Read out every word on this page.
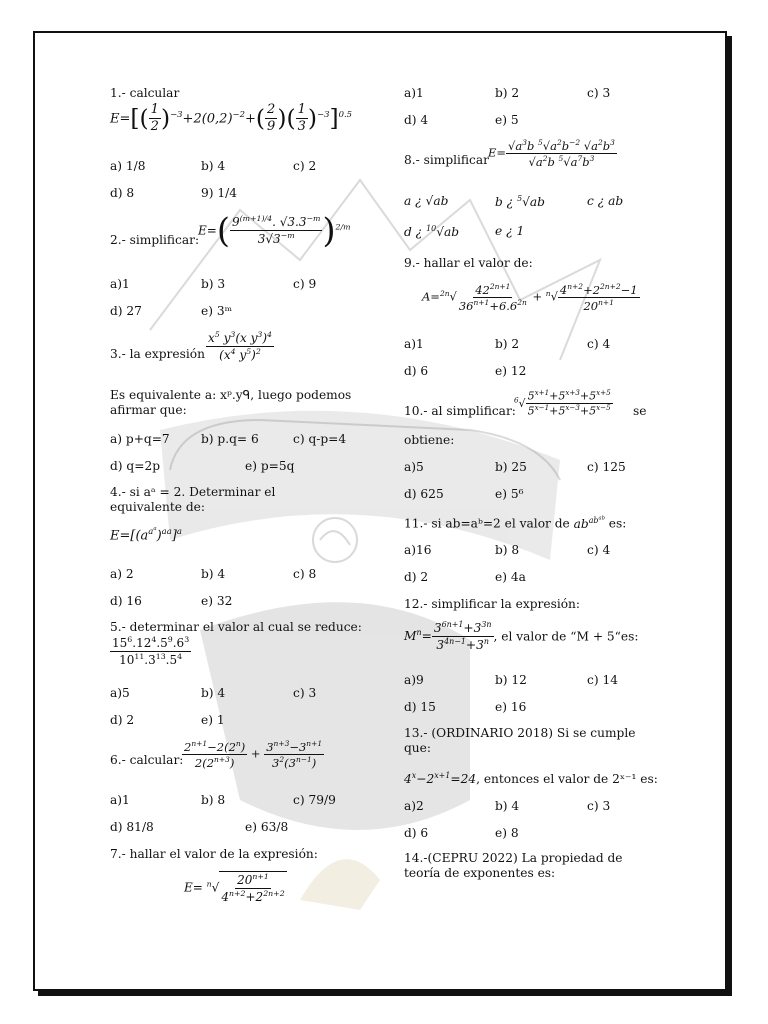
1.- calcular
$E=[( \frac{1}{2} )^{-3}+2(0,2)^{-2}+( \frac{2}{9}$ )( $\frac{1}{3} )^{-3}]^{0.5}$
a) 1/8	b) 4	c) 2
d) 8	9) 1/4
2.- simplificar:
$E=( \frac{9^{(m+1)/4}. √3.3^{-m}}{3√3^{-m}} )^{2/m}$
a)1	b) 3	c) 9
d) 27	e) 3ᵐ
3.- la expresión $\frac{x^5 y^3(x y^3)^4}{(x^4 y^5)^2}$
Es equivalente a: xᵖ.yᑫ, luego podemos afirmar que:
a) p+q=7	b) p.q= 6	c) q-p=4
d) q=2p	e) p=5q
4.- si aᵃ = 2. Determinar el equivalente de:
$E=[(a^{a^a})^{aa}]^a$
a) 2	b) 4	c) 8
d) 16	e) 32
5.- determinar el valor al cual se reduce:
$\frac{15^6.12^4.5^9.6^3}{10^{11}.3^{13}.5^4}$
a)5	b) 4	c) 3
d) 2	e) 1
6.- calcular:
$\frac{2^{n+1}-2(2^n)}{2(2^{n+3})} + \frac{3^{n+3}-3^{n+1}}{3^2(3^{n-1})}$
a)1	b) 8	c) 79/9
d) 81/8	e) 63/8
7.- hallar el valor de la expresión:
$E= ^n√ \frac{20^{n+1}}{4^{n+2}+2^{2n+2}}$
a)1	b) 2	c) 3
d) 4	e) 5
8.- simplificar
$E= \frac{√a^3b ^5√a^2b^{-2} √a^2b^3}{√a^2b ^5√a^7b^3}$
a ¿ √ab	b ¿ $^5$√ab	c ¿ ab
d ¿ $^{10}$√ab	e ¿ 1
9.- hallar el valor de:
$A=^{2n}√ \frac{42^{2n+1}}{36^{n+1}+6.6^{2n}} + ^n√ \frac{4^{n+2}+2^{2n+2}-1}{20^{n+1}}$
a)1	b) 2	c) 4
d) 6	e) 12
10.- al simplificar:
$^6√ \frac{5^{x+1}+5^{x+3}+5^{x+5}}{5^{x-1}+5^{x-3}+5^{x-5}}$ se
obtiene:
a)5	b) 25	c) 125
d) 625	e) 5⁶
11.- si ab=aᵇ=2 el valor de $ab^{ab^{ab}}$ es:
a)16	b) 8	c) 4
d) 2	e) 4a
12.- simplificar la expresión:
$M^n= \frac{3^{6n+1}+3^{3n}}{3^{4n-1}+3^n}$ , el valor de “M + 5“es:
a)9	b) 12	c) 14
d) 15	e) 16
13.- (ORDINARIO 2018) Si se cumple que:
$4^x-2^{x+1}=24$, entonces el valor de 2ˣ⁻¹ es:
a)2	b) 4	c) 3
d) 6	e) 8
14.-(CEPRU 2022) La propiedad de teoría de exponentes es:
